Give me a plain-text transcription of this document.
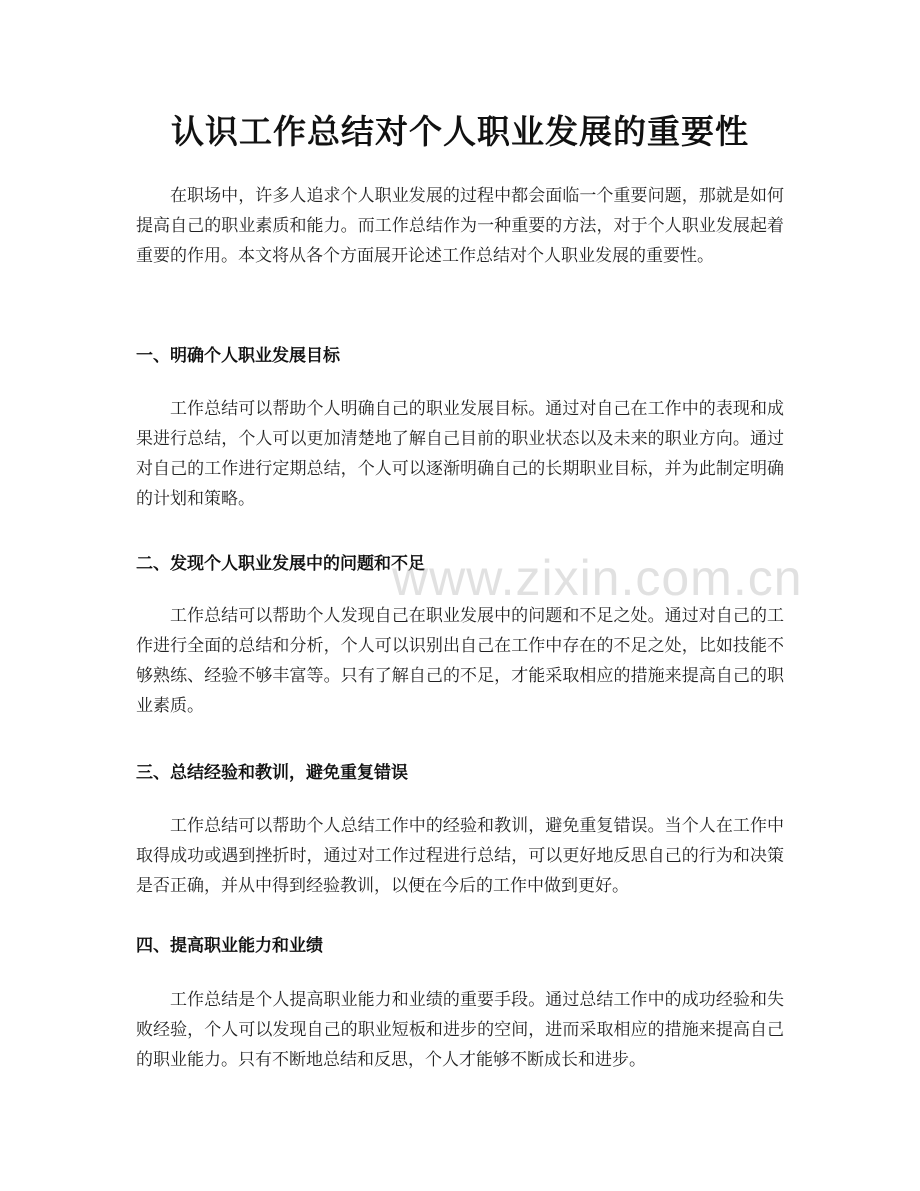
认识工作总结对个人职业发展的重要性

在职场中，许多人追求个人职业发展的过程中都会面临一个重要问题，那就是如何提高自己的职业素质和能力。而工作总结作为一种重要的方法，对于个人职业发展起着重要的作用。本文将从各个方面展开论述工作总结对个人职业发展的重要性。

一、明确个人职业发展目标

工作总结可以帮助个人明确自己的职业发展目标。通过对自己在工作中的表现和成果进行总结，个人可以更加清楚地了解自己目前的职业状态以及未来的职业方向。通过对自己的工作进行定期总结，个人可以逐渐明确自己的长期职业目标，并为此制定明确的计划和策略。

二、发现个人职业发展中的问题和不足

工作总结可以帮助个人发现自己在职业发展中的问题和不足之处。通过对自己的工作进行全面的总结和分析，个人可以识别出自己在工作中存在的不足之处，比如技能不够熟练、经验不够丰富等。只有了解自己的不足，才能采取相应的措施来提高自己的职业素质。

三、总结经验和教训，避免重复错误

工作总结可以帮助个人总结工作中的经验和教训，避免重复错误。当个人在工作中取得成功或遇到挫折时，通过对工作过程进行总结，可以更好地反思自己的行为和决策是否正确，并从中得到经验教训，以便在今后的工作中做到更好。

四、提高职业能力和业绩

工作总结是个人提高职业能力和业绩的重要手段。通过总结工作中的成功经验和失败经验，个人可以发现自己的职业短板和进步的空间，进而采取相应的措施来提高自己的职业能力。只有不断地总结和反思，个人才能够不断成长和进步。

www.zixin.com.cn
